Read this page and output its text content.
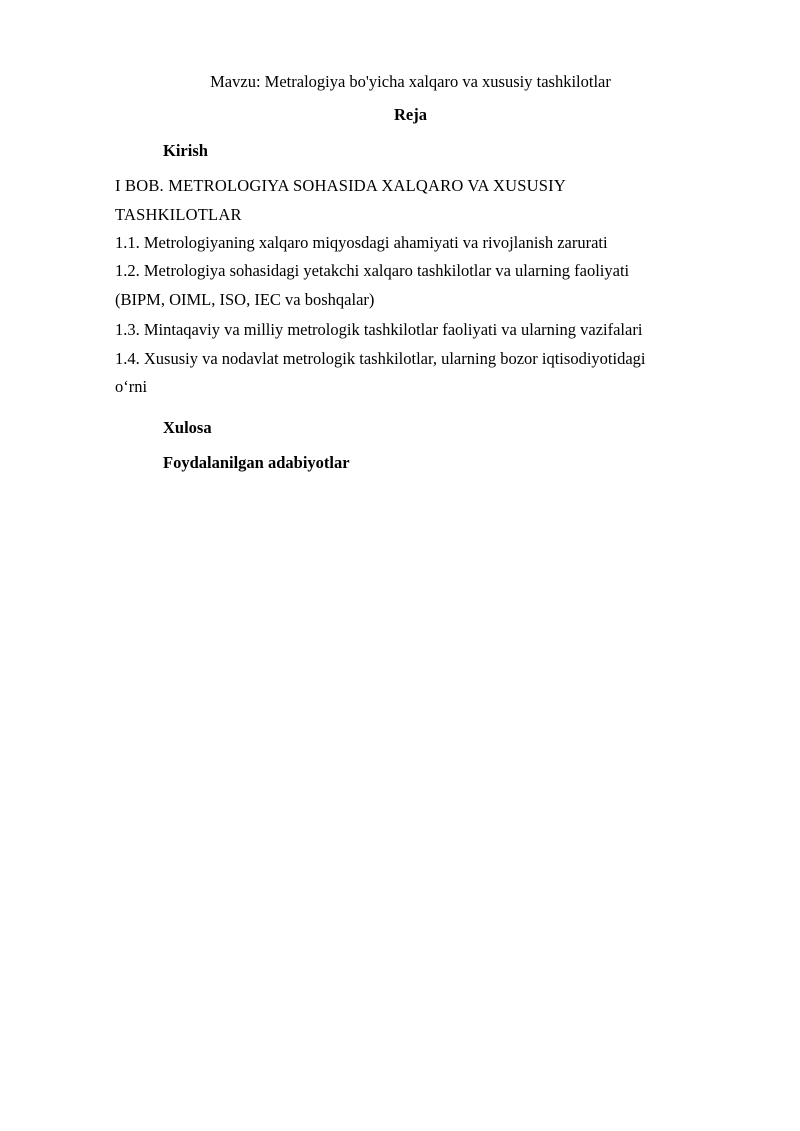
Mavzu: Metralogiya bo'yicha xalqaro va xususiy tashkilotlar

Reja

Kirish

I BOB. METROLOGIYA SOHASIDA XALQARO VA XUSUSIY

TASHKILOTLAR

1.1. Metrologiyaning xalqaro miqyosdagi ahamiyati va rivojlanish zarurati

1.2. Metrologiya sohasidagi yetakchi xalqaro tashkilotlar va ularning faoliyati

(BIPM, OIML, ISO, IEC va boshqalar)

1.3. Mintaqaviy va milliy metrologik tashkilotlar faoliyati va ularning vazifalari

1.4. Xususiy va nodavlat metrologik tashkilotlar, ularning bozor iqtisodiyotidagi

o‘rni

Xulosa

Foydalanilgan adabiyotlar
